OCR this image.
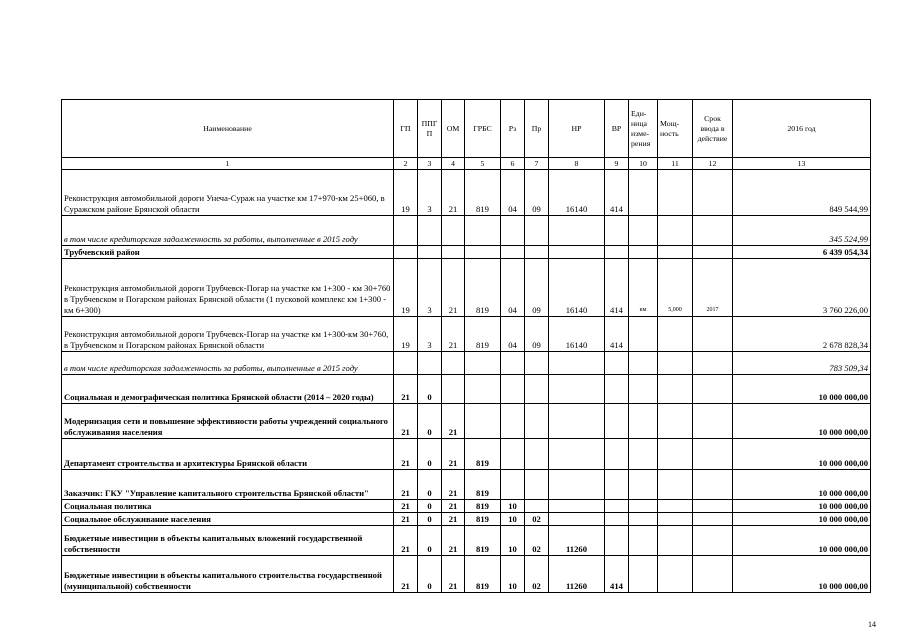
Наименование	ГП	ППГ П	ОМ	ГРБС	Рз	Пр	НР	ВР	Еди- ница изме- рения	Мощ- ность	Срок ввода в действие	2016 год
1	2	3	4	5	6	7	8	9	10	11	12	13
Реконструкция автомобильной дороги Унеча-Сураж на участке км 17+970-км 25+060, в Суражском районе Брянской области	19	3	21	819	04	09	16140	414				849 544,99
в том числе кредиторская задолженность за работы, выполненные в 2015 году												345 524,99
Трубчевский район												6 439 054,34
Реконструкция автомобильной дороги Трубчевск-Погар на участке км 1+300 - км 30+760 в Трубчевском и Погарском районах Брянской области (1 пусковой комплекс км 1+300 - км 6+300)	19	3	21	819	04	09	16140	414	км	5,000	2017	3 760 226,00
Реконструкция автомобильной дороги Трубчевск-Погар на участке км 1+300-км 30+760, в Трубчевском и Погарском районах Брянской области	19	3	21	819	04	09	16140	414				2 678 828,34
в том числе кредиторская задолженность за работы, выполненные в 2015 году												783 509,34
Социальная и демографическая политика Брянской области (2014 – 2020 годы)	21	0										10 000 000,00
Модернизация сети и повышение эффективности работы учреждений социального обслуживания населения	21	0	21									10 000 000,00
Департамент строительства и архитектуры Брянской области	21	0	21	819								10 000 000,00
Заказчик: ГКУ "Управление капитального строительства Брянской области"	21	0	21	819								10 000 000,00
Социальная политика	21	0	21	819	10							10 000 000,00
Социальное обслуживание населения	21	0	21	819	10	02						10 000 000,00
Бюджетные инвестиции в объекты капитальных вложений государственной собственности	21	0	21	819	10	02	11260					10 000 000,00
Бюджетные инвестиции в объекты капитального строительства государственной (муниципальной) собственности	21	0	21	819	10	02	11260	414				10 000 000,00
14
